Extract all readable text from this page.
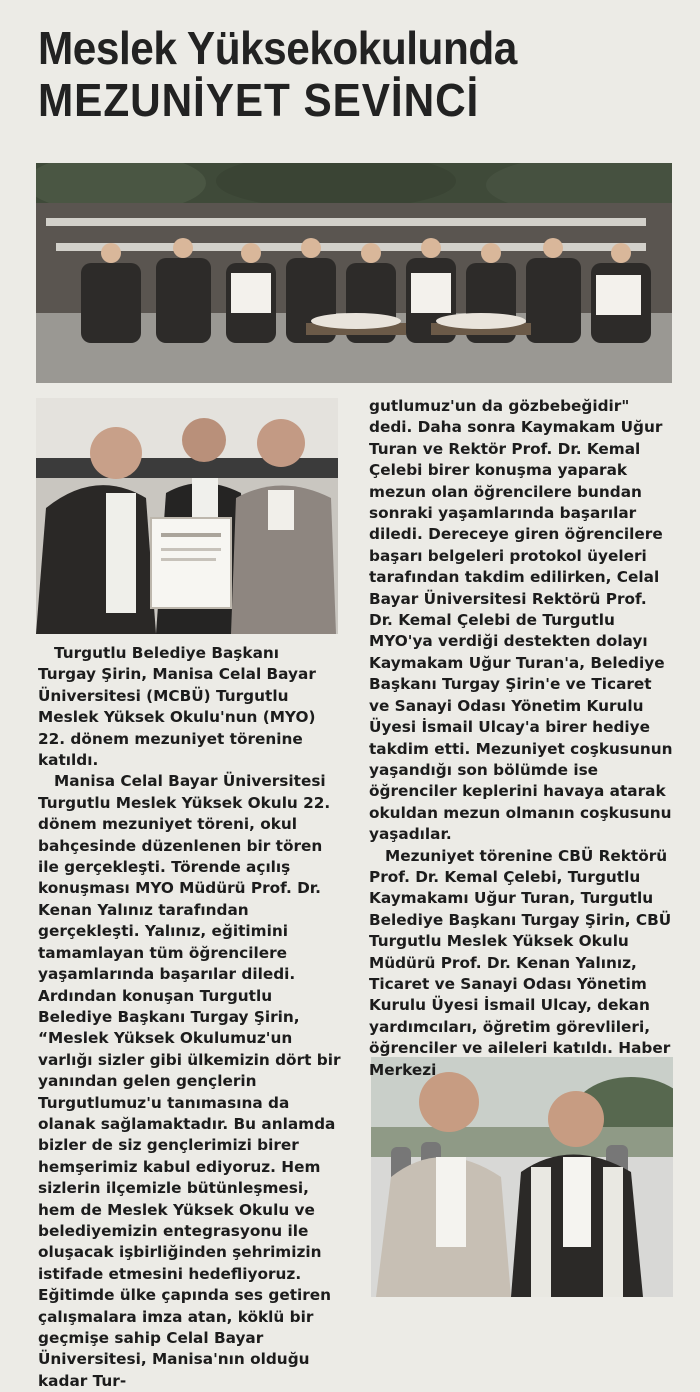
Meslek Yüksekokulunda
MEZUNİYET SEVİNCİ

Turgutlu Belediye Başkanı Turgay Şirin, Manisa Celal Bayar Üniversitesi (MCBÜ) Turgutlu Meslek Yüksek Okulu'nun (MYO) 22. dönem mezuniyet törenine katıldı.

Manisa Celal Bayar Üniversitesi Turgutlu Meslek Yüksek Okulu 22. dönem mezuniyet töreni, okul bahçesinde düzenlenen bir tören ile gerçekleşti. Törende açılış konuşması MYO Müdürü Prof. Dr. Kenan Yalınız tarafından gerçekleşti. Yalınız, eğitimini tamamlayan tüm öğrencilere yaşamlarında başarılar diledi. Ardından konuşan Turgutlu Belediye Başkanı Turgay Şirin, “Meslek Yüksek Okulumuz'un varlığı sizler gibi ülkemizin dört bir yanından gelen gençlerin Turgutlumuz'u tanımasına da olanak sağlamaktadır. Bu anlamda bizler de siz gençlerimizi birer hemşerimiz kabul ediyoruz. Hem sizlerin ilçemizle bütünleşmesi, hem de Meslek Yüksek Okulu ve belediyemizin entegrasyonu ile oluşacak işbirliğinden şehrimizin istifade etmesini hedefliyoruz. Eğitimde ülke çapında ses getiren çalışmalara imza atan, köklü bir geçmişe sahip Celal Bayar Üniversitesi, Manisa'nın olduğu kadar Tur-

gutlumuz'un da gözbebeğidir" dedi. Daha sonra Kaymakam Uğur Turan ve Rektör Prof. Dr. Kemal Çelebi birer konuşma yaparak mezun olan öğrencilere bundan sonraki yaşamlarında başarılar diledi. Dereceye giren öğrencilere başarı belgeleri protokol üyeleri tarafından takdim edilirken, Celal Bayar Üniversitesi Rektörü Prof. Dr. Kemal Çelebi de Turgutlu MYO'ya verdiği destekten dolayı Kaymakam Uğur Turan'a, Belediye Başkanı Turgay Şirin'e ve Ticaret ve Sanayi Odası Yönetim Kurulu Üyesi İsmail Ulcay'a birer hediye takdim etti. Mezuniyet coşkusunun yaşandığı son bölümde ise öğrenciler keplerini havaya atarak okuldan mezun olmanın coşkusunu yaşadılar.

Mezuniyet törenine CBÜ Rektörü Prof. Dr. Kemal Çelebi, Turgutlu Kaymakamı Uğur Turan, Turgutlu Belediye Başkanı Turgay Şirin, CBÜ Turgutlu Meslek Yüksek Okulu Müdürü Prof. Dr. Kenan Yalınız, Ticaret ve Sanayi Odası Yönetim Kurulu Üyesi İsmail Ulcay, dekan yardımcıları, öğretim görevlileri, öğrenciler ve aileleri katıldı. Haber Merkezi
